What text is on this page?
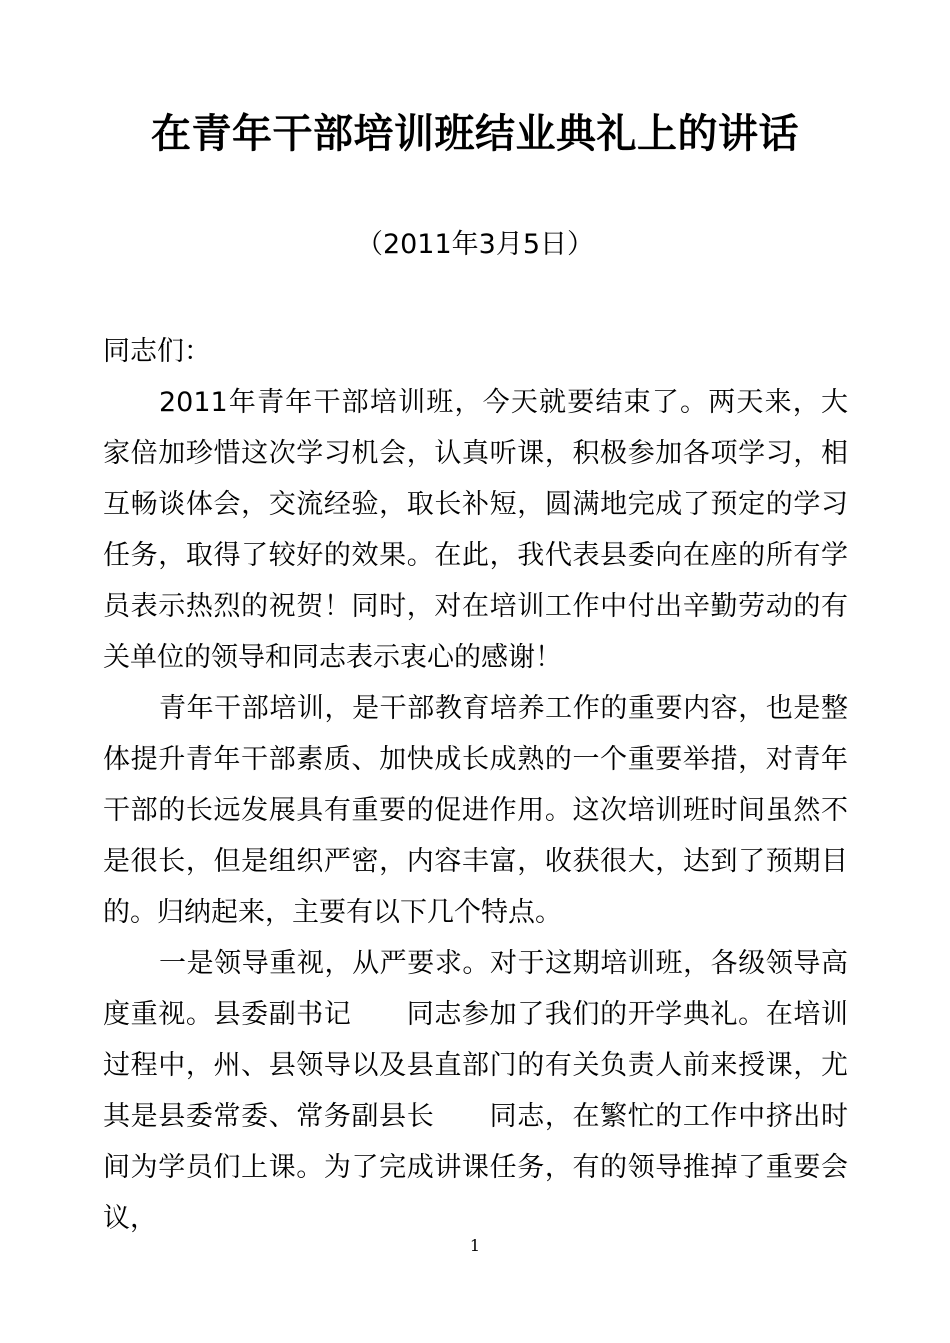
在青年干部培训班结业典礼上的讲话
（2011年3月5日）

同志们：

2011年青年干部培训班，今天就要结束了。两天来，大家倍加珍惜这次学习机会，认真听课，积极参加各项学习，相互畅谈体会，交流经验，取长补短，圆满地完成了预定的学习任务，取得了较好的效果。在此，我代表县委向在座的所有学员表示热烈的祝贺！同时，对在培训工作中付出辛勤劳动的有关单位的领导和同志表示衷心的感谢！

青年干部培训，是干部教育培养工作的重要内容，也是整体提升青年干部素质、加快成长成熟的一个重要举措，对青年干部的长远发展具有重要的促进作用。这次培训班时间虽然不是很长，但是组织严密，内容丰富，收获很大，达到了预期目的。归纳起来，主要有以下几个特点。

一是领导重视，从严要求。对于这期培训班，各级领导高度重视。县委副书记　　同志参加了我们的开学典礼。在培训过程中，州、县领导以及县直部门的有关负责人前来授课，尤其是县委常委、常务副县长　　同志，在繁忙的工作中挤出时间为学员们上课。为了完成讲课任务，有的领导推掉了重要会议，

1
